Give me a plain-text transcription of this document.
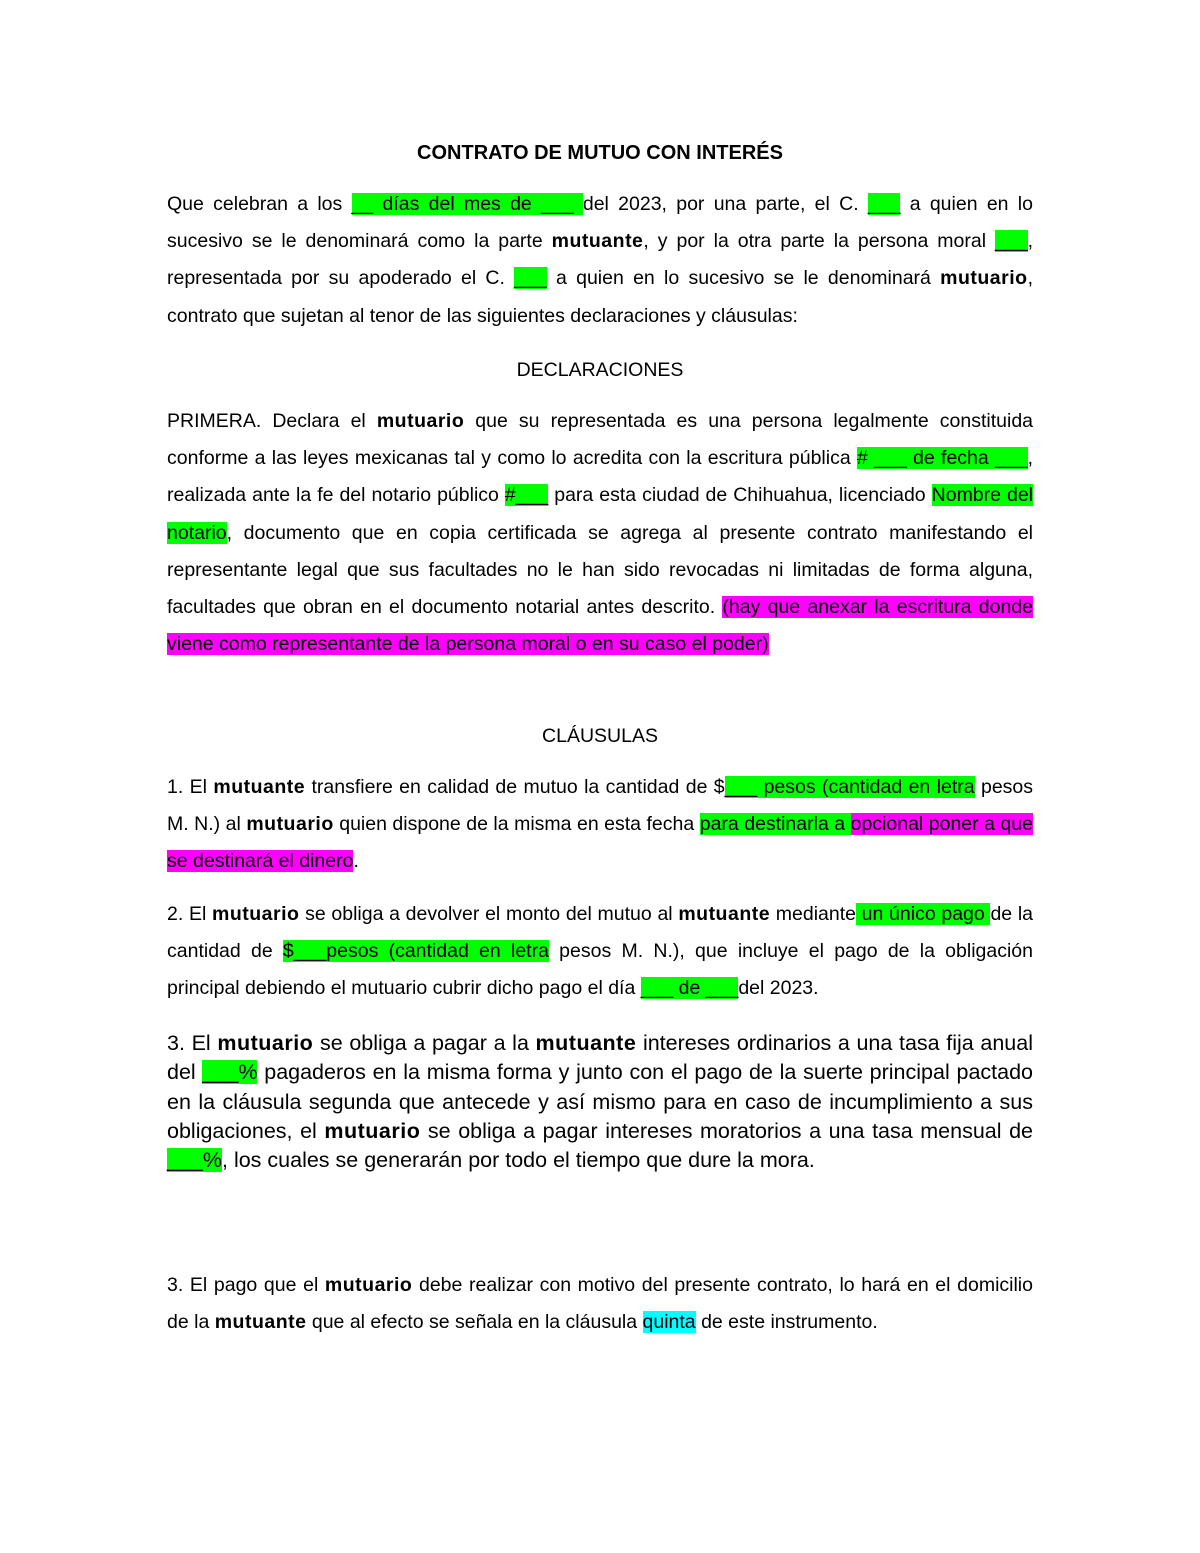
CONTRATO DE MUTUO CON INTERÉS

Que celebran a los __ días del mes de ___ del 2023, por una parte, el C. ___ a quien en lo sucesivo se le denominará como la parte mutuante, y por la otra parte la persona moral ___, representada por su apoderado el C. ___ a quien en lo sucesivo se le denominará mutuario, contrato que sujetan al tenor de las siguientes declaraciones y cláusulas:

DECLARACIONES

PRIMERA. Declara el mutuario que su representada es una persona legalmente constituida conforme a las leyes mexicanas tal y como lo acredita con la escritura pública # ___ de fecha ___, realizada ante la fe del notario público #___ para esta ciudad de Chihuahua, licenciado Nombre del notario, documento que en copia certificada se agrega al presente contrato manifestando el representante legal que sus facultades no le han sido revocadas ni limitadas de forma alguna, facultades que obran en el documento notarial antes descrito. (hay que anexar la escritura donde viene como representante de la persona moral o en su caso el poder)

CLÁUSULAS

1. El mutuante transfiere en calidad de mutuo la cantidad de $___ pesos (cantidad en letra pesos M. N.) al mutuario quien dispone de la misma en esta fecha para destinarla a opcional poner a que se destinará el dinero.

2. El mutuario se obliga a devolver el monto del mutuo al mutuante mediante un único pago de la cantidad de $___pesos (cantidad en letra pesos M. N.), que incluye el pago de la obligación principal debiendo el mutuario cubrir dicho pago el día ___ de ___del 2023.

3. El mutuario se obliga a pagar a la mutuante intereses ordinarios a una tasa fija anual del ___% pagaderos en la misma forma y junto con el pago de la suerte principal pactado en la cláusula segunda que antecede y así mismo para en caso de incumplimiento a sus obligaciones, el mutuario se obliga a pagar intereses moratorios a una tasa mensual de ___%, los cuales se generarán por todo el tiempo que dure la mora.

3. El pago que el mutuario debe realizar con motivo del presente contrato, lo hará en el domicilio de la mutuante que al efecto se señala en la cláusula quinta de este instrumento.
